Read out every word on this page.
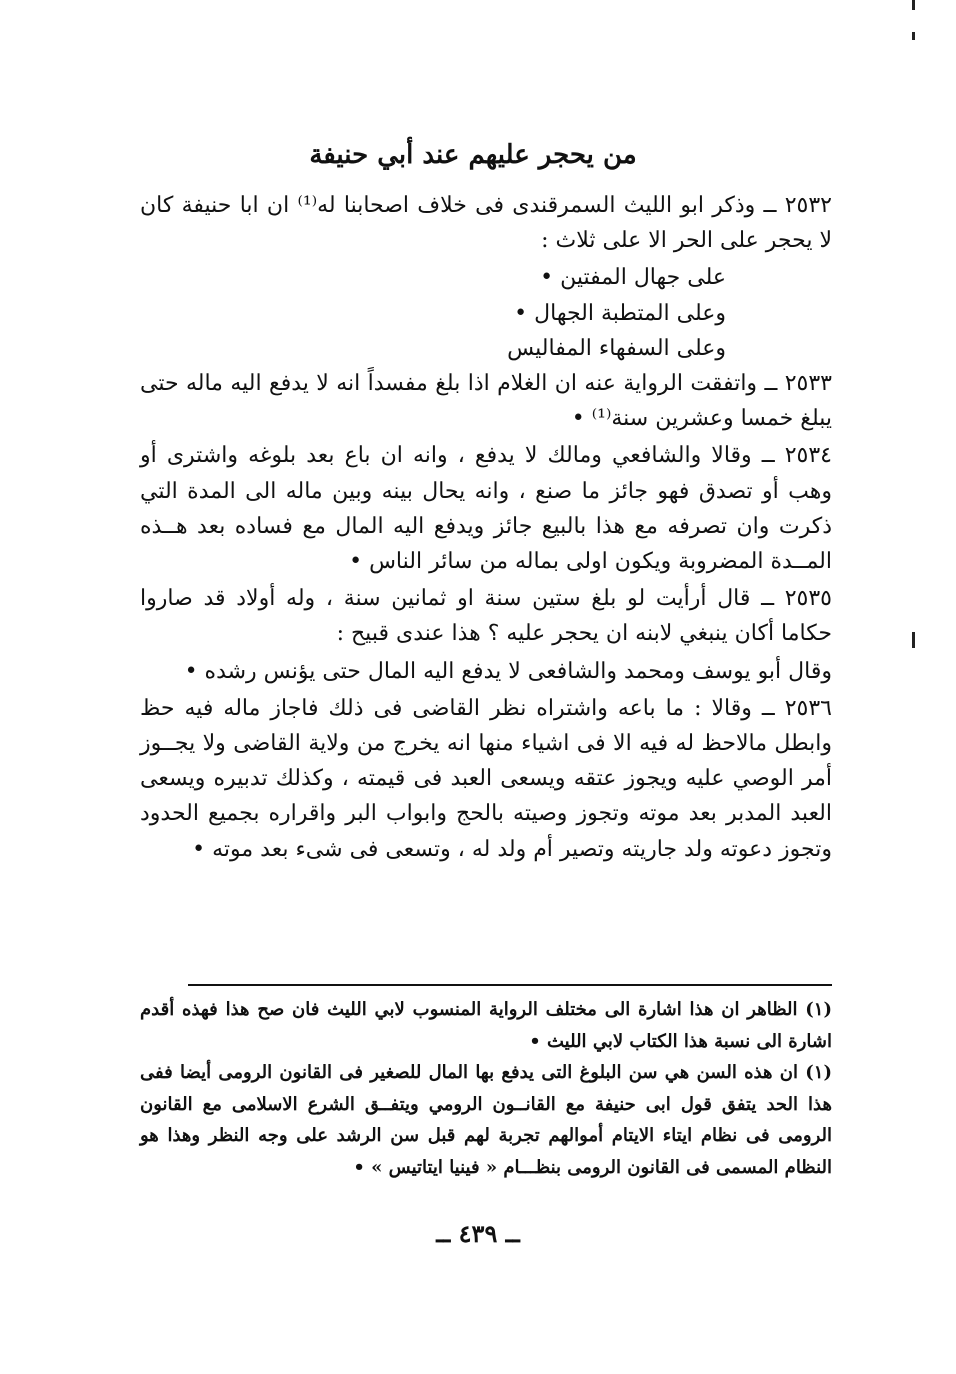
من يحجر عليهم عند أبي حنيفة

٢٥٣٢ ــ وذكر ابو الليث السمرقندى فى خلاف اصحابنا له⁽¹⁾ ان ابا حنيفة كان لا يحجر على الحر الا على ثلاث :

على جهال المفتين •

وعلى المتطبة الجهال •

وعلى السفهاء المفاليس

٢٥٣٣ ــ واتفقت الرواية عنه ان الغلام اذا بلغ مفسداً انه لا يدفع اليه ماله حتى يبلغ خمسا وعشرين سنة⁽¹⁾ •

٢٥٣٤ ــ وقالا والشافعي ومالك لا يدفع ، وانه ان باع بعد بلوغه واشترى أو وهب أو تصدق فهو جائز ما صنع ، وانه يحال بينه وبين ماله الى المدة التي ذكرت وان تصرفه مع هذا بالبيع جائز ويدفع اليه المال مع فساده بعد هــذه المــدة المضروبة ويكون اولى بماله من سائر الناس •

٢٥٣٥ ــ قال أرأيت لو بلغ ستين سنة او ثمانين سنة ، وله أولاد قد صاروا حكاما أكان ينبغي لابنه ان يحجر عليه ؟ هذا عندى قبيح :

وقال أبو يوسف ومحمد والشافعى لا يدفع اليه المال حتى يؤنس رشده •

٢٥٣٦ ــ وقالا : ما باعه واشتراه نظر القاضى فى ذلك فاجاز ماله فيه حظ وابطل مالاحظ له فيه الا فى اشياء منها انه يخرج من ولاية القاضى ولا يجــوز أمر الوصي عليه ويجوز عتقه ويسعى العبد فى قيمته ، وكذلك تدبيره ويسعى العبد المدبر بعد موته وتجوز وصيته بالحج وابواب البر واقراره بجميع الحدود وتجوز دعوته ولد جاريته وتصير أم ولد له ، وتسعى فى شىء بعد موته •

(١) الظاهر ان هذا اشارة الى مختلف الرواية المنسوب لابي الليث فان صح هذا فهذه أقدم اشارة الى نسبة هذا الكتاب لابي الليث •

(١) ان هذه السن هي سن البلوغ التى يدفع بها المال للصغير فى القانون الرومى أيضا ففى هذا الحد يتفق قول ابى حنيفة مع القانــون الرومي ويتفــق الشرع الاسلامى مع القانون الرومى فى نظام ايتاء الايتام أموالهم تجربة لهم قبل سن الرشد على وجه النظر وهذا هو النظام المسمى فى القانون الرومى بنظـــام « فينيا ايتاتيس » •

ــ ٤٣٩ ــ
